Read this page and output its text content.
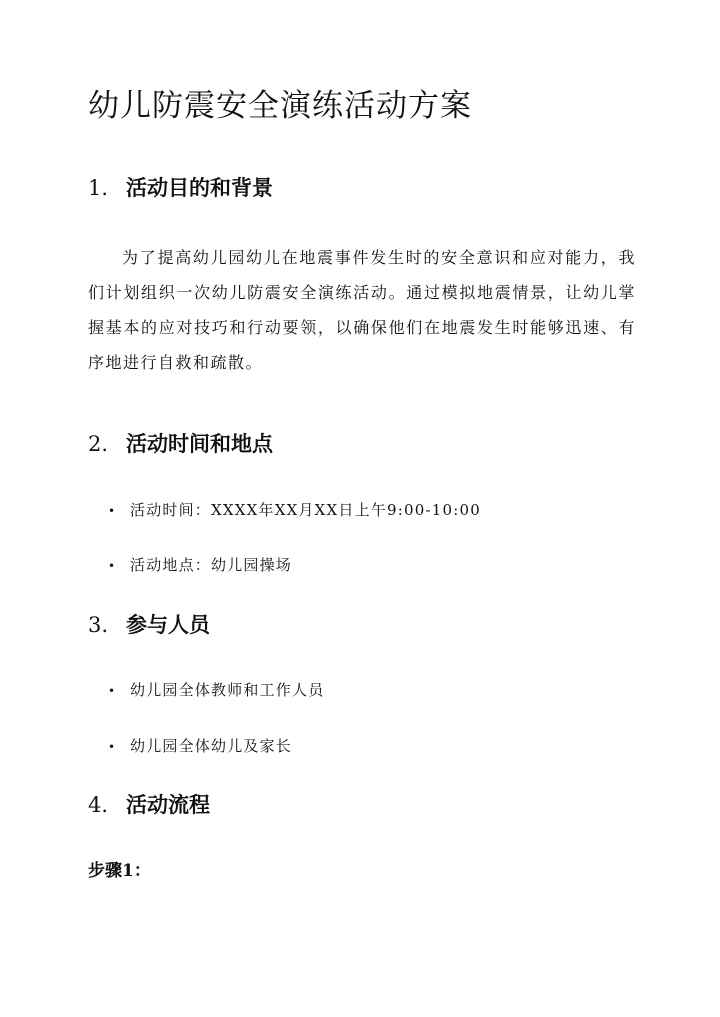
幼儿防震安全演练活动方案
1. 活动目的和背景

为了提高幼儿园幼儿在地震事件发生时的安全意识和应对能力，我们计划组织一次幼儿防震安全演练活动。通过模拟地震情景，让幼儿掌握基本的应对技巧和行动要领，以确保他们在地震发生时能够迅速、有序地进行自救和疏散。

2. 活动时间和地点
• 活动时间：XXXX年XX月XX日上午9:00-10:00
• 活动地点：幼儿园操场
3. 参与人员
• 幼儿园全体教师和工作人员
• 幼儿园全体幼儿及家长
4. 活动流程

步骤1：
